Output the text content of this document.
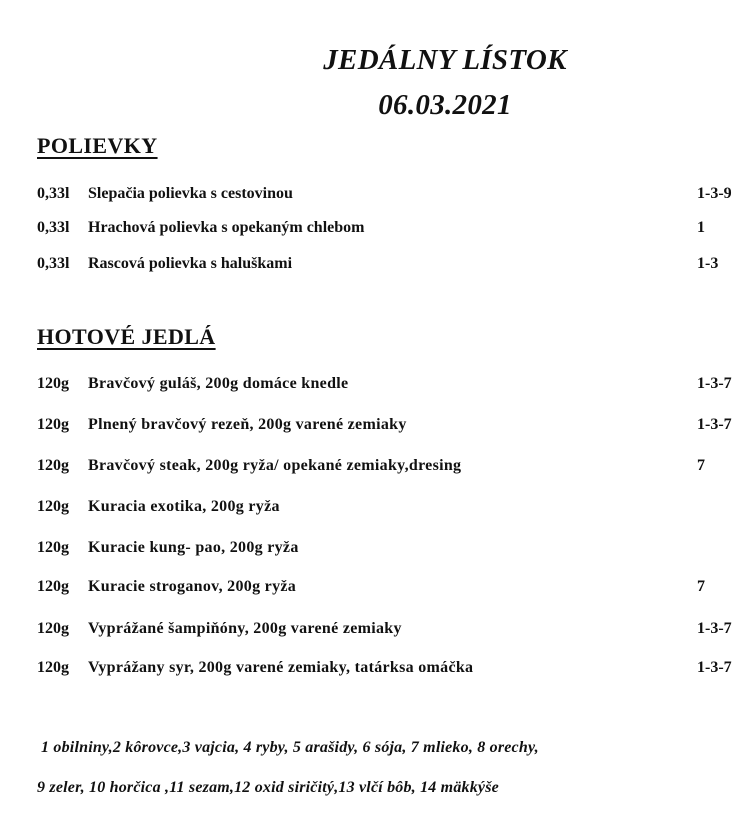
JEDÁLNY LÍSTOK
06.03.2021
POLIEVKY
0,33l Slepačia polievka s cestovinou	1-3-9
0,33l Hrachová polievka s opekaným chlebom	1
0,33l Rascová polievka s haluškami	1-3
HOTOVÉ JEDLÁ
120g Bravčový guláš, 200g domáce knedle	1-3-7
120g Plnený bravčový rezeň, 200g varené zemiaky	1-3-7
120g Bravčový steak, 200g ryža/ opekané zemiaky,dresing	7
120g Kuracia exotika, 200g ryža
120g Kuracie kung- pao, 200g ryža
120g Kuracie stroganov, 200g ryža	7
120g Vyprážané šampiňóny, 200g varené zemiaky	1-3-7
120g Vyprážany syr, 200g varené zemiaky, tatárksa omáčka	1-3-7
1 obilniny,2 kôrovce,3 vajcia, 4 ryby, 5 arašidy, 6 sója, 7 mlieko, 8 orechy,
9 zeler, 10 horčica ,11 sezam,12 oxid siričitý,13 vlčí bôb, 14 mäkkýše
